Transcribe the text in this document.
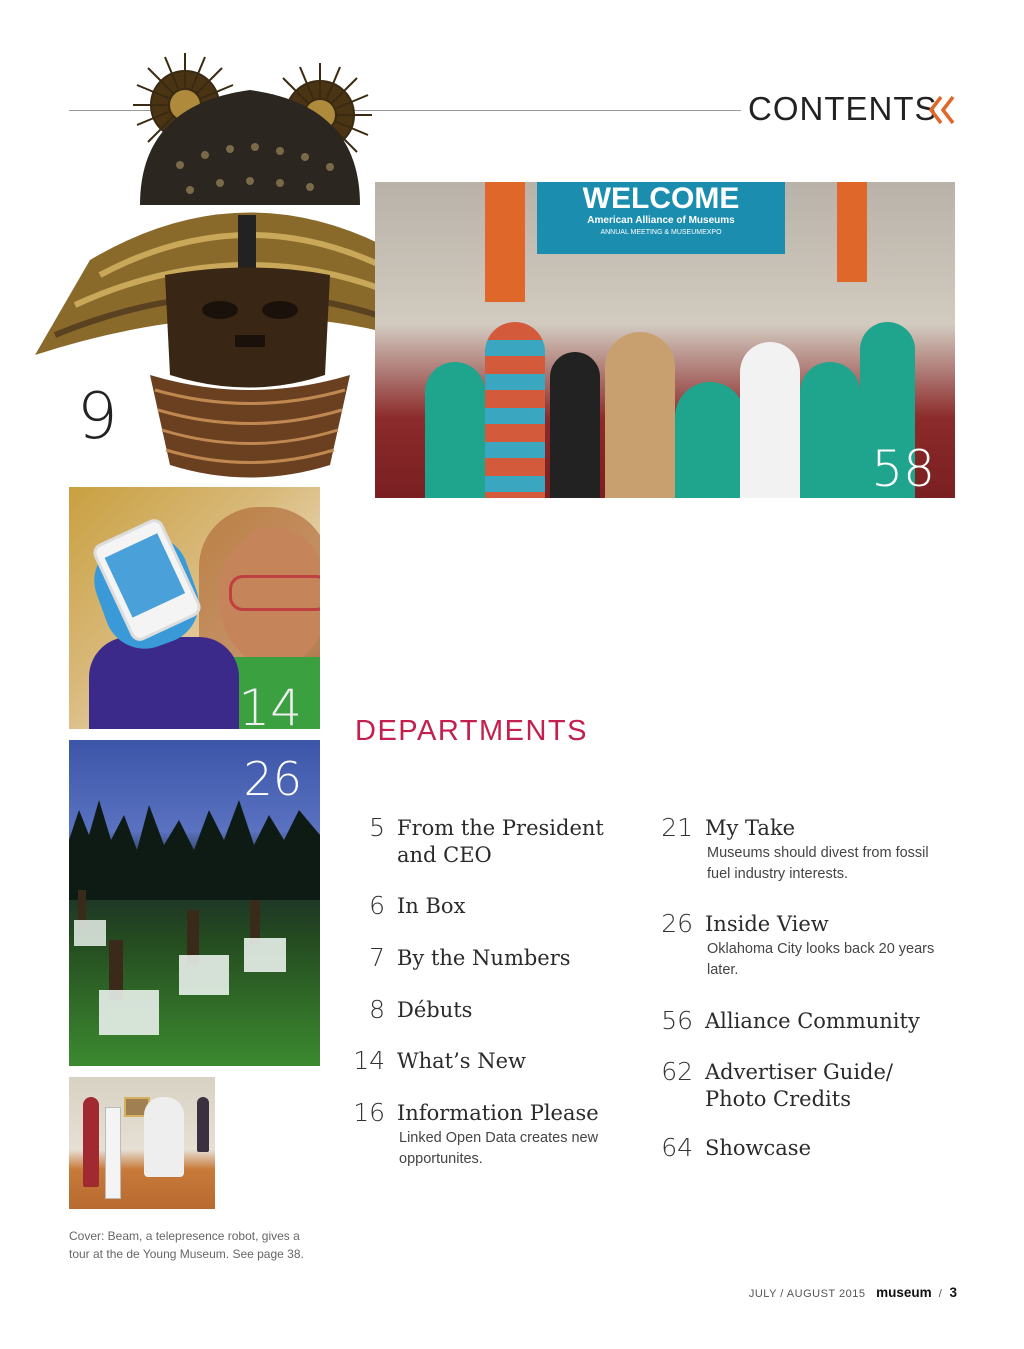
CONTENTS
9
WELCOME
American Alliance of Museums
ANNUAL MEETING & MUSEUMEXPO
58
14
26
DEPARTMENTS
5 From the President and CEO
6 In Box
7 By the Numbers
8 Débuts
14 What’s New
16 Information Please
Linked Open Data creates new opportunites.
21 My Take
Museums should divest from fossil fuel industry interests.
26 Inside View
Oklahoma City looks back 20 years later.
56 Alliance Community
62 Advertiser Guide/ Photo Credits
64 Showcase
Cover: Beam, a telepresence robot, gives a tour at the de Young Museum. See page 38.
JULY / AUGUST 2015 museum / 3
